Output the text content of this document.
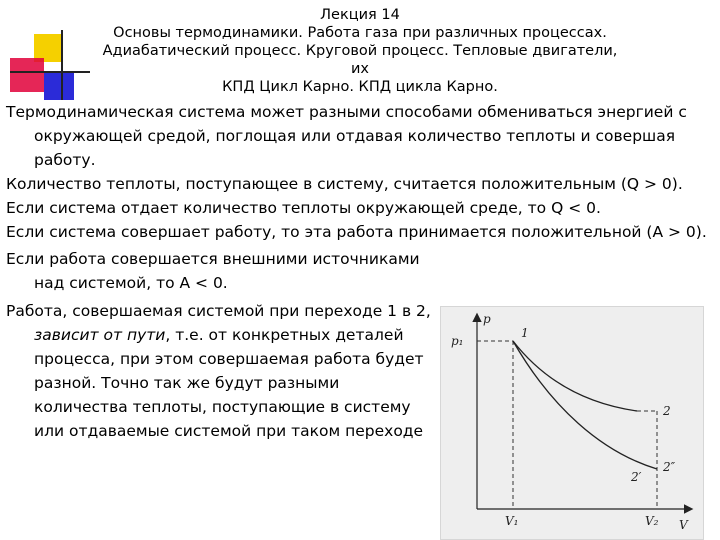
Лекция 14
Основы термодинамики. Работа газа при различных процессах.
Адиабатический процесс. Круговой процесс. Тепловые двигатели, их
КПД Цикл Карно. КПД цикла Карно.

Термодинамическая система может разными способами обмениваться энергией с окружающей средой, поглощая или отдавая количество теплоты и совершая работу.

Количество теплоты, поступающее в систему, считается положительным (Q > 0).

Если система отдает количество теплоты окружающей среде, то Q < 0.

Если система совершает работу, то эта работа принимается положительной (A > 0).

Если работа совершается внешними источниками над системой, то A < 0.

Работа, совершаемая системой при переходе 1 в 2, зависит от пути, т.е. от конкретных деталей процесса, при этом совершаемая работа будет разной. Точно так же будут разными количества теплоты, поступающие в систему или отдаваемые системой при таком переходе

p
V
p₁
V₁	V₂
1
2
2′
2″
